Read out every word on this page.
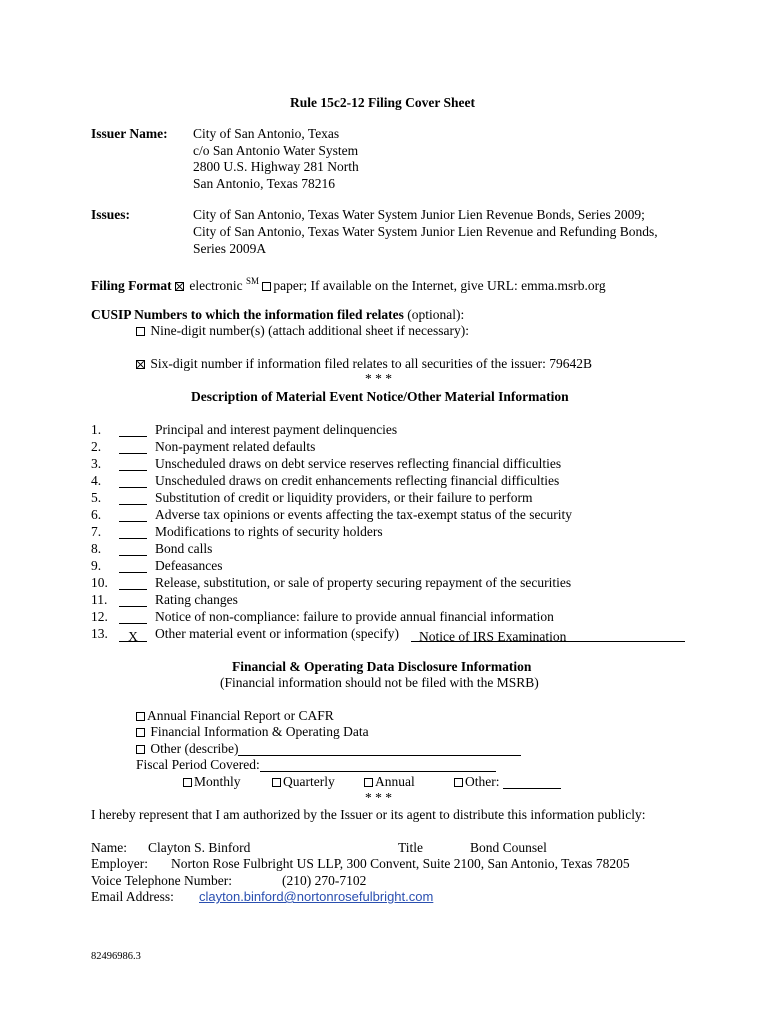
Rule 15c2-12 Filing Cover Sheet
Issuer Name: City of San Antonio, Texas
c/o San Antonio Water System
2800 U.S. Highway 281 North
San Antonio, Texas 78216
Issues:	City of San Antonio, Texas Water System Junior Lien Revenue Bonds, Series 2009;
City of San Antonio, Texas Water System Junior Lien Revenue and Refunding Bonds,
Series 2009A
Filing Format electronic ℠ paper; If available on the Internet, give URL: emma.msrb.org
CUSIP Numbers to which the information filed relates (optional):
Nine-digit number(s) (attach additional sheet if necessary):
Six-digit number if information filed relates to all securities of the issuer: 79642B
* * *
Description of Material Event Notice/Other Material Information
1.	Principal and interest payment delinquencies
2.	Non-payment related defaults
3.	Unscheduled draws on debt service reserves reflecting financial difficulties
4.	Unscheduled draws on credit enhancements reflecting financial difficulties
5.	Substitution of credit or liquidity providers, or their failure to perform
6.	Adverse tax opinions or events affecting the tax-exempt status of the security
7.	Modifications to rights of security holders
8.	Bond calls
9.	Defeasances
10.	Release, substitution, or sale of property securing repayment of the securities
11.	Rating changes
12.	Notice of non-compliance: failure to provide annual financial information
13. X Other material event or information (specify) Notice of IRS Examination
Financial & Operating Data Disclosure Information
(Financial information should not be filed with the MSRB)
Annual Financial Report or CAFR
Financial Information & Operating Data
Other (describe)
Fiscal Period Covered:
Monthly	Quarterly	Annual	Other:
* * *
I hereby represent that I am authorized by the Issuer or its agent to distribute this information publicly:
Name: Clayton S. Binford	Title	Bond Counsel
Employer: Norton Rose Fulbright US LLP, 300 Convent, Suite 2100, San Antonio, Texas 78205
Voice Telephone Number:	(210) 270-7102
Email Address: clayton.binford@nortonrosefulbright.com
82496986.3
